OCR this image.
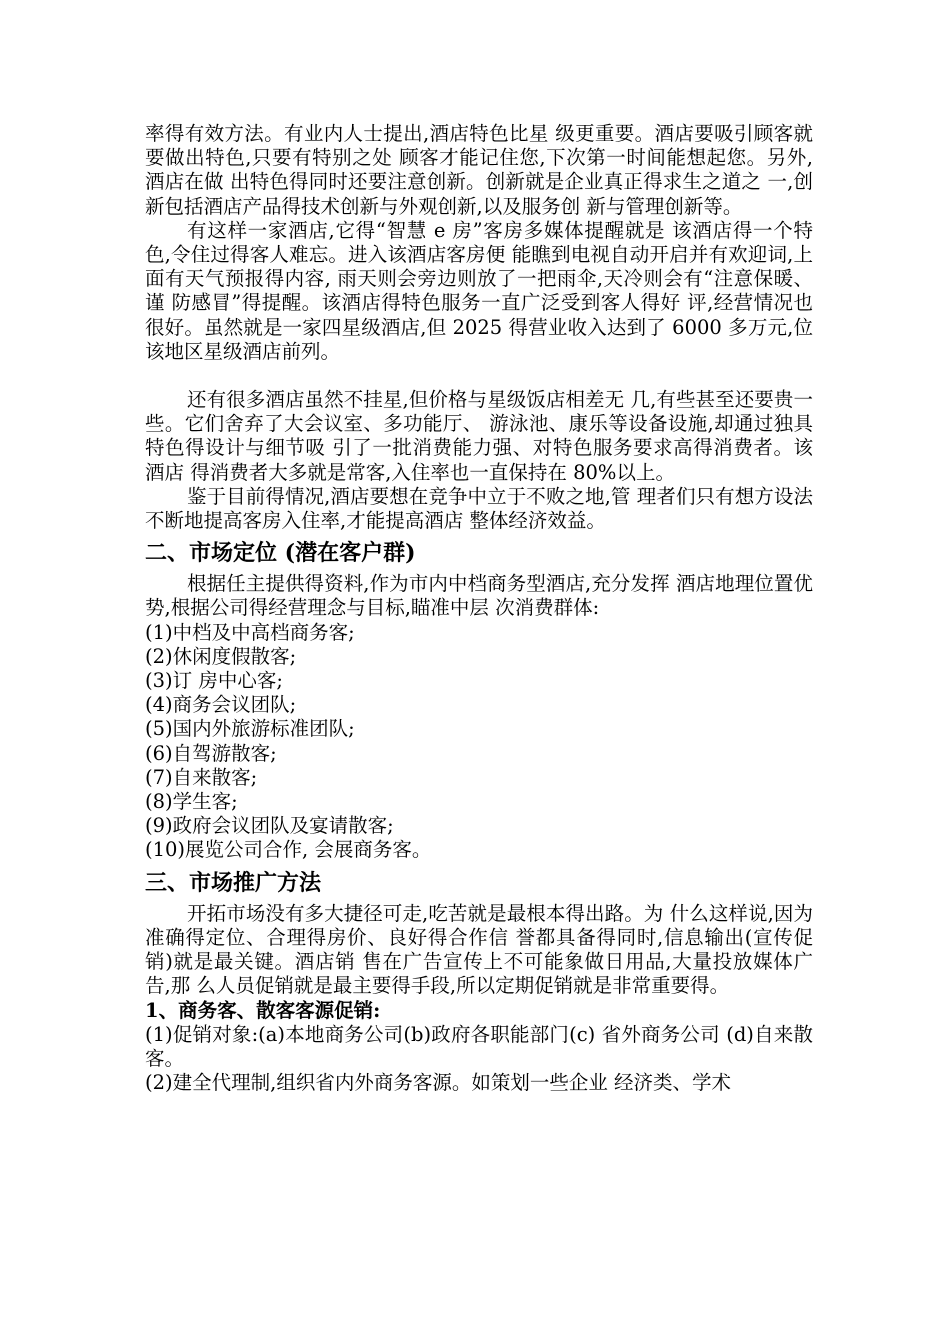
率得有效方法。有业内人士提出,酒店特色比星 级更重要。酒店要吸引顾客就要做出特色,只要有特别之处 顾客才能记住您,下次第一时间能想起您。另外,酒店在做 出特色得同时还要注意创新。创新就是企业真正得求生之道之 一,创新包括酒店产品得技术创新与外观创新,以及服务创 新与管理创新等。

有这样一家酒店,它得“智慧 e 房”客房多媒体提醒就是 该酒店得一个特色,令住过得客人难忘。进入该酒店客房便 能瞧到电视自动开启并有欢迎词,上面有天气预报得内容, 雨天则会旁边则放了一把雨伞,天冷则会有“注意保暖、谨 防感冒”得提醒。该酒店得特色服务一直广泛受到客人得好 评,经营情况也很好。虽然就是一家四星级酒店,但 2025 得营业收入达到了 6000 多万元,位该地区星级酒店前列。

还有很多酒店虽然不挂星,但价格与星级饭店相差无 几,有些甚至还要贵一些。它们舍弃了大会议室、多功能厅、 游泳池、康乐等设备设施,却通过独具特色得设计与细节吸 引了一批消费能力强、对特色服务要求高得消费者。该酒店 得消费者大多就是常客,入住率也一直保持在 80%以上。

鉴于目前得情况,酒店要想在竞争中立于不败之地,管 理者们只有想方设法不断地提高客房入住率,才能提高酒店 整体经济效益。

二、市场定位 (潜在客户群)

根据任主提供得资料,作为市内中档商务型酒店,充分发挥 酒店地理位置优势,根据公司得经营理念与目标,瞄准中层 次消费群体:

(1)中档及中高档商务客;

(2)休闲度假散客;

(3)订 房中心客;

(4)商务会议团队;

(5)国内外旅游标准团队;

(6)自驾游散客;

(7)自来散客;

(8)学生客;

(9)政府会议团队及宴请散客;

(10)展览公司合作, 会展商务客。

三、市场推广方法

开拓市场没有多大捷径可走,吃苦就是最根本得出路。为 什么这样说,因为准确得定位、合理得房价、良好得合作信 誉都具备得同时,信息输出(宣传促销)就是最关键。酒店销 售在广告宣传上不可能象做日用品,大量投放媒体广告,那 么人员促销就是最主要得手段,所以定期促销就是非常重要得。

1、商务客、散客客源促销:

(1)促销对象:(a)本地商务公司(b)政府各职能部门(c) 省外商务公司 (d)自来散客。

(2)建全代理制,组织省内外商务客源。如策划一些企业 经济类、学术
